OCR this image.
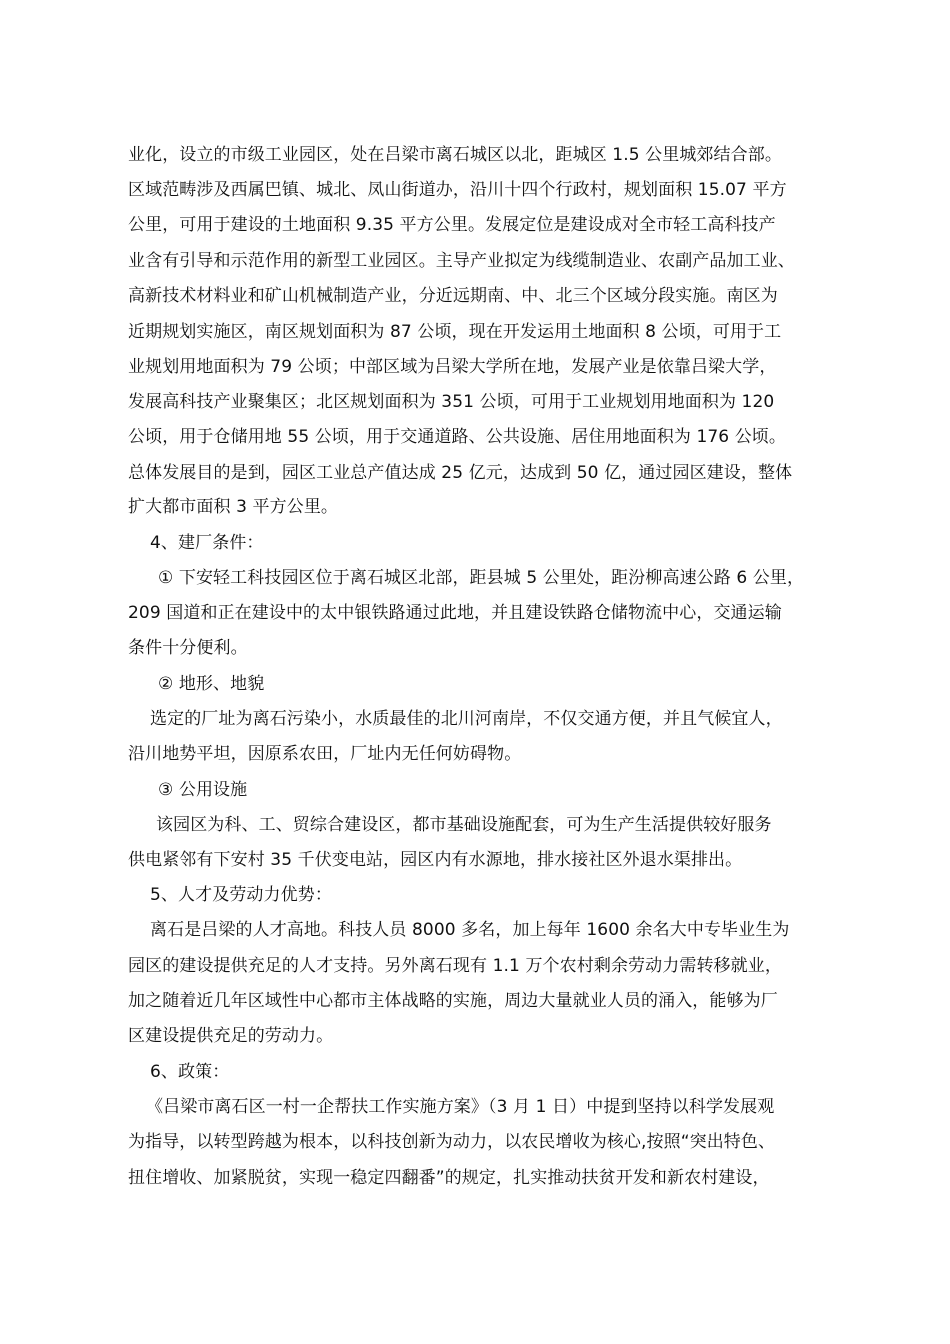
业化，设立的市级工业园区，处在吕梁市离石城区以北，距城区 1.5 公里城郊结合部。
区域范畴涉及西属巴镇、城北、凤山街道办，沿川十四个行政村，规划面积 15.07 平方
公里，可用于建设的土地面积 9.35 平方公里。发展定位是建设成对全市轻工高科技产
业含有引导和示范作用的新型工业园区。主导产业拟定为线缆制造业、农副产品加工业、
高新技术材料业和矿山机械制造产业，分近远期南、中、北三个区域分段实施。南区为
近期规划实施区，南区规划面积为 87 公顷，现在开发运用土地面积 8 公顷，可用于工
业规划用地面积为 79 公顷；中部区域为吕梁大学所在地，发展产业是依靠吕梁大学，
发展高科技产业聚集区；北区规划面积为 351 公顷，可用于工业规划用地面积为 120
公顷，用于仓储用地 55 公顷，用于交通道路、公共设施、居住用地面积为 176 公顷。
总体发展目的是到，园区工业总产值达成 25 亿元，达成到 50 亿，通过园区建设，整体
扩大都市面积 3 平方公里。
4、建厂条件：
① 下安轻工科技园区位于离石城区北部，距县城 5 公里处，距汾柳高速公路 6 公里，
209 国道和正在建设中的太中银铁路通过此地，并且建设铁路仓储物流中心，交通运输
条件十分便利。
② 地形、地貌
选定的厂址为离石污染小，水质最佳的北川河南岸，不仅交通方便，并且气候宜人，
沿川地势平坦，因原系农田，厂址内无任何妨碍物。
③ 公用设施
该园区为科、工、贸综合建设区，都市基础设施配套，可为生产生活提供较好服务
供电紧邻有下安村 35 千伏变电站，园区内有水源地，排水接社区外退水渠排出。
5、人才及劳动力优势：
离石是吕梁的人才高地。科技人员 8000 多名，加上每年 1600 余名大中专毕业生为
园区的建设提供充足的人才支持。另外离石现有 1.1 万个农村剩余劳动力需转移就业，
加之随着近几年区域性中心都市主体战略的实施，周边大量就业人员的涌入，能够为厂
区建设提供充足的劳动力。
6、政策：
《吕梁市离石区一村一企帮扶工作实施方案》（3 月 1 日）中提到坚持以科学发展观
为指导，以转型跨越为根本，以科技创新为动力，以农民增收为核心,按照“突出特色、
扭住增收、加紧脱贫，实现一稳定四翻番”的规定，扎实推动扶贫开发和新农村建设，
